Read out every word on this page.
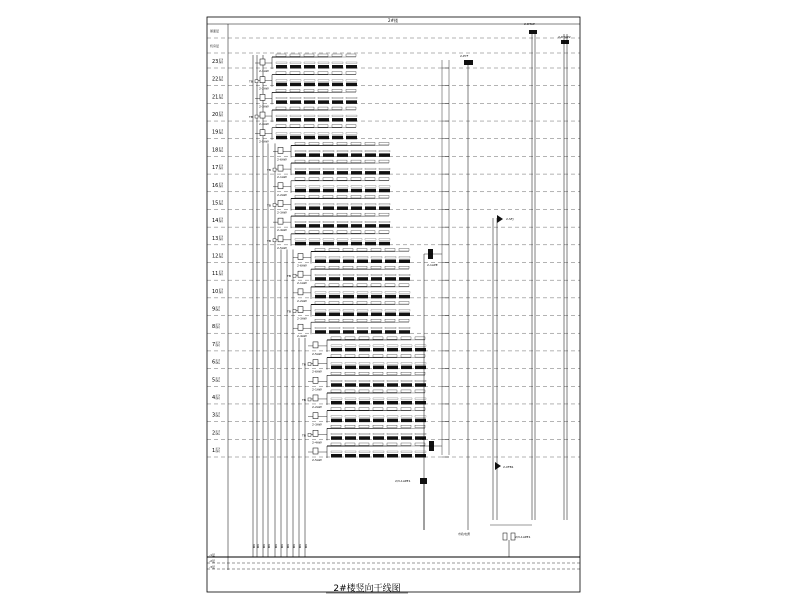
2#楼
屋面层
机房层
23层
22层
21层
20层
19层
18层
17层
16层
15层
14层
13层
12层
11层
10层
9层
8层
7层
6层
5层
4层
3层
2层
1层
BV BV BV BV BV BV BV BV BV BV
2-1AW
TB
2-2AW
2-3AW
TB
2-4AW
2-5AW
2-6AW
TB
2-1AW
2-2AW
TB
2-3AW
2-4AW
TB
2-5AW
2-6AW
TB
2-1AW
2-2AW
TB
2-3AW
2-4AW
2-5AW
TB
2-6AW
2-1AW
TB
2-2AW
2-3AW
TB
2-4AW
2-5AW
2-PYF
2-1APE
TB
2/3-1APE1
2-DTAP
2-DTAP2
2-SFJ
2-XFB1
2/3-1APE1
市政电源
-1层
-2层
-3层
2#楼竖向干线图
